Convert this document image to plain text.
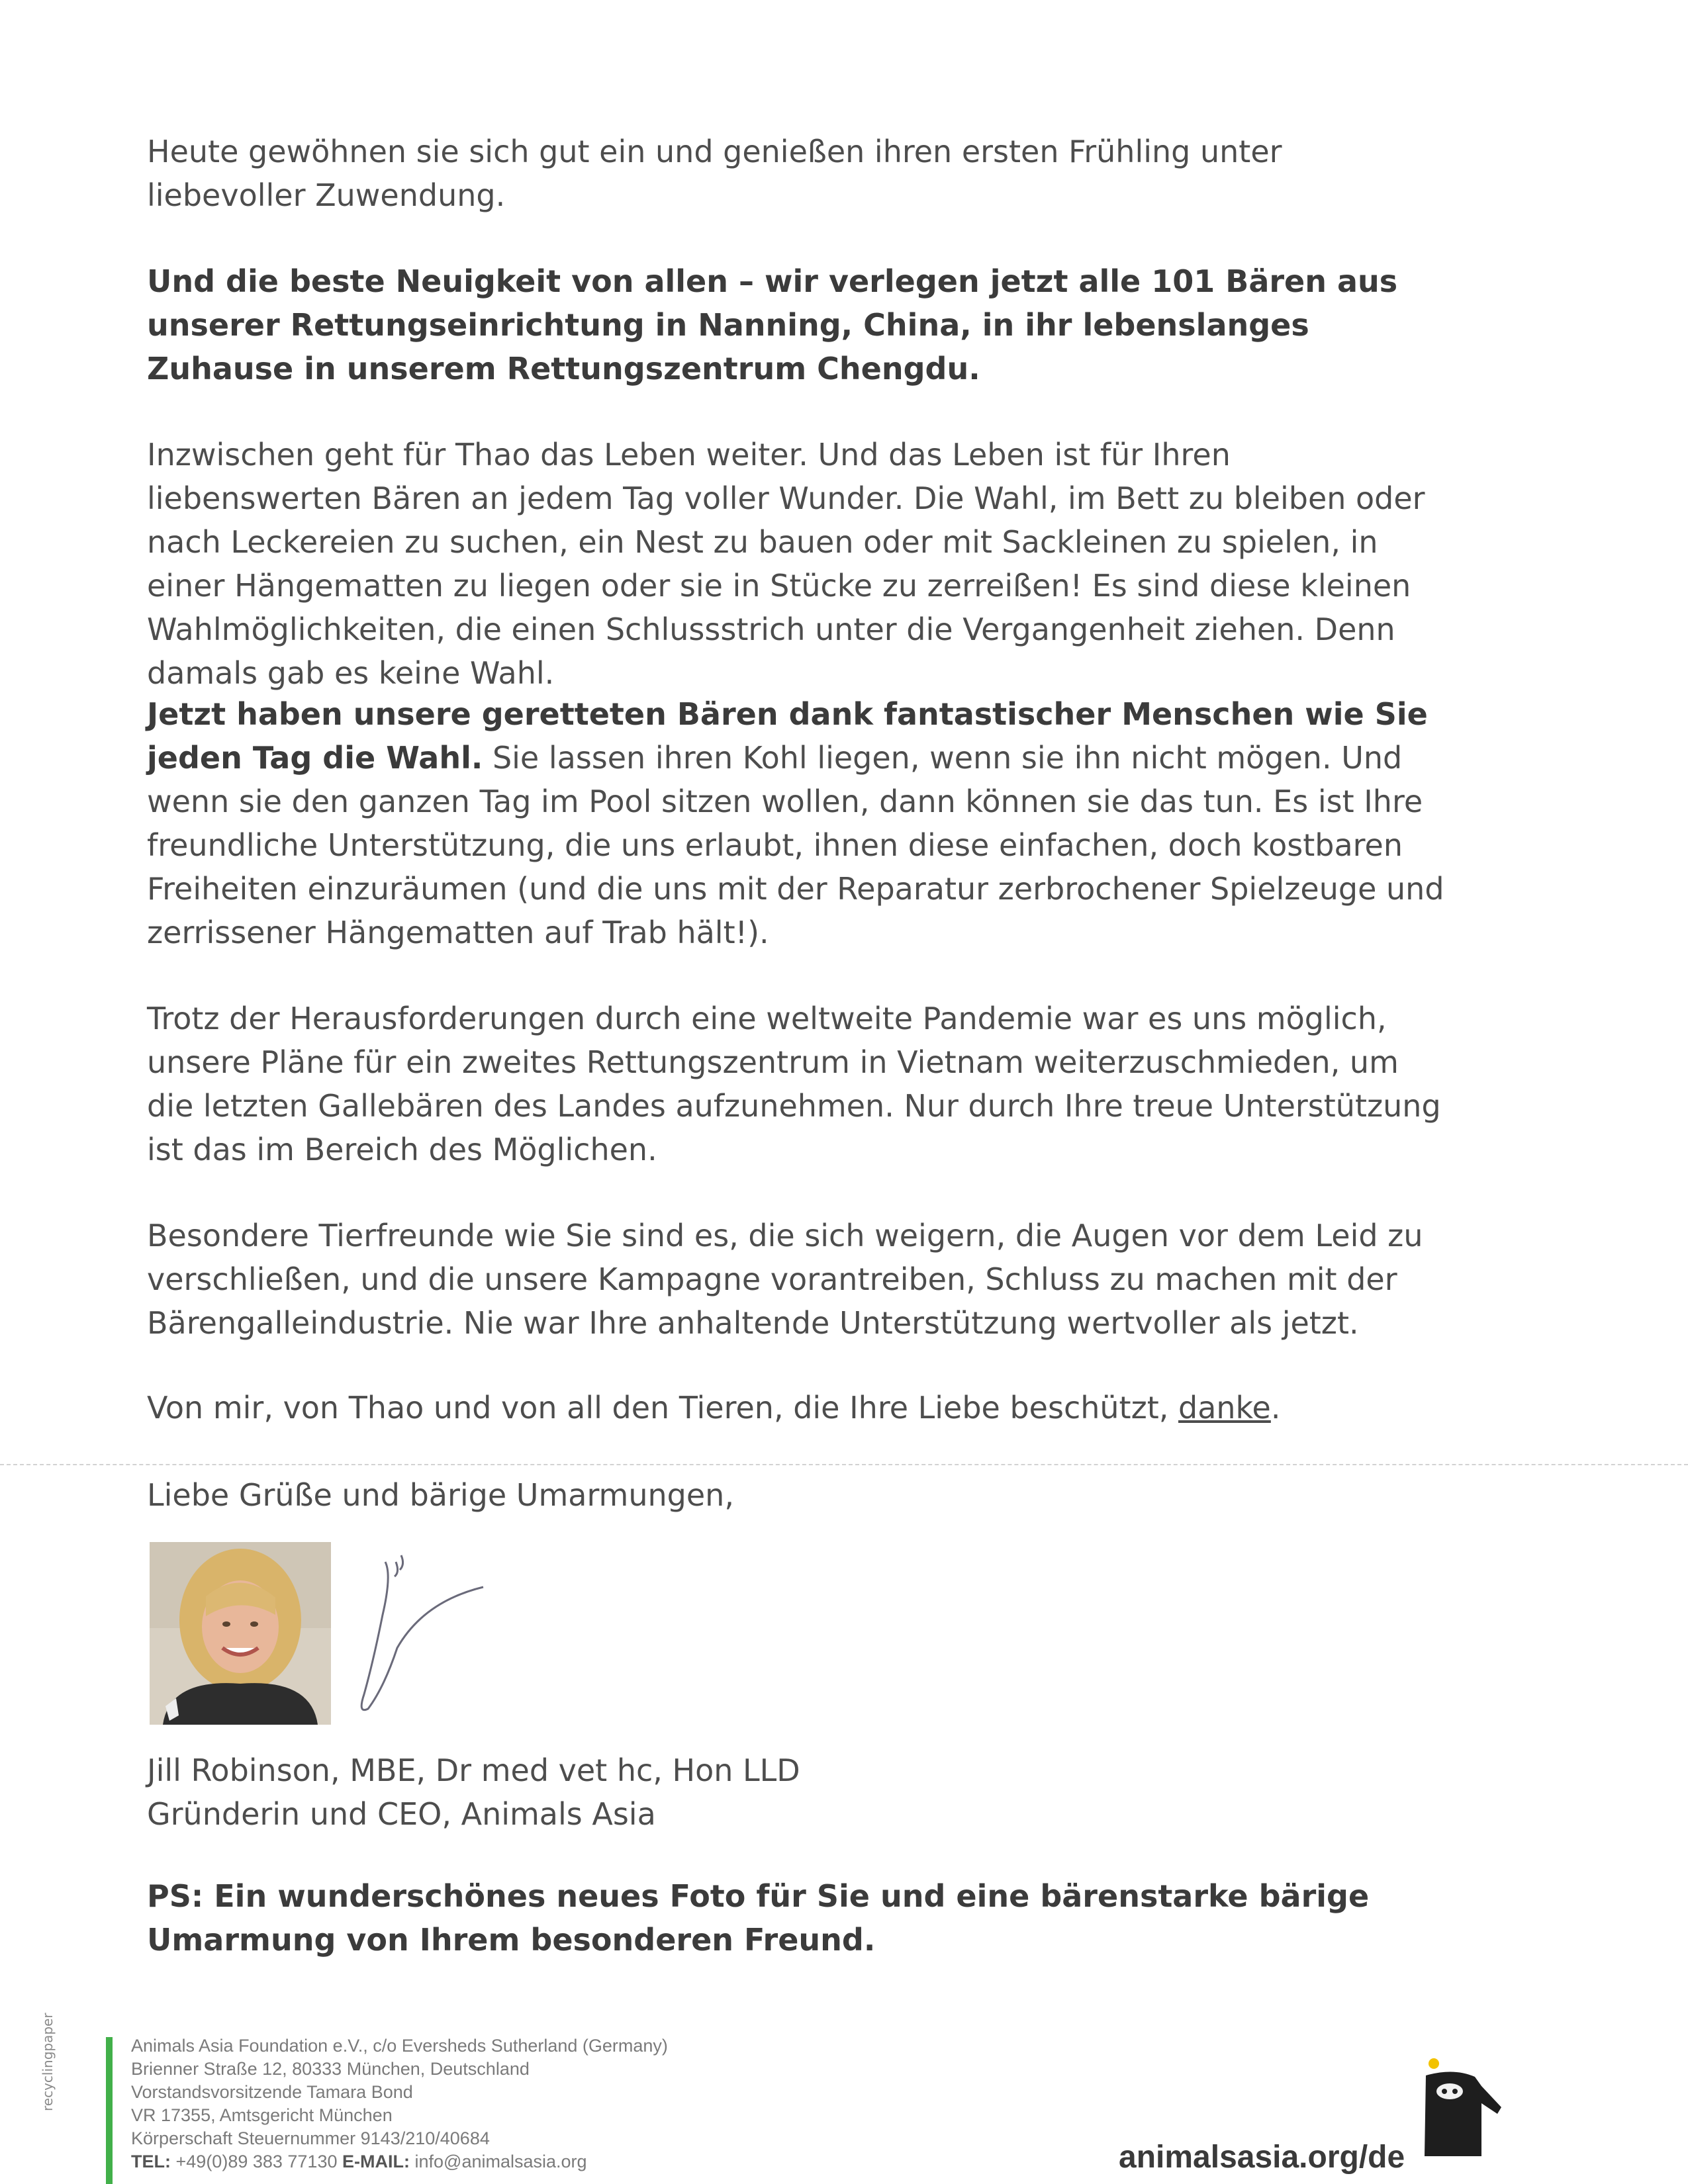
Heute gewöhnen sie sich gut ein und genießen ihren ersten Frühling unter liebevoller Zuwendung.

Und die beste Neuigkeit von allen – wir verlegen jetzt alle 101 Bären aus unserer Rettungseinrichtung in Nanning, China, in ihr lebenslanges Zuhause in unserem Rettungszentrum Chengdu.

Inzwischen geht für Thao das Leben weiter. Und das Leben ist für Ihren liebenswerten Bären an jedem Tag voller Wunder. Die Wahl, im Bett zu bleiben oder nach Leckereien zu suchen, ein Nest zu bauen oder mit Sackleinen zu spielen, in einer Hängematten zu liegen oder sie in Stücke zu zerreißen! Es sind diese kleinen Wahlmöglichkeiten, die einen Schlussstrich unter die Vergangenheit ziehen. Denn damals gab es keine Wahl.

Jetzt haben unsere geretteten Bären dank fantastischer Menschen wie Sie jeden Tag die Wahl. Sie lassen ihren Kohl liegen, wenn sie ihn nicht mögen. Und wenn sie den ganzen Tag im Pool sitzen wollen, dann können sie das tun. Es ist Ihre freundliche Unterstützung, die uns erlaubt, ihnen diese einfachen, doch kostbaren Freiheiten einzuräumen (und die uns mit der Reparatur zerbrochener Spielzeuge und zerrissener Hängematten auf Trab hält!).

Trotz der Herausforderungen durch eine weltweite Pandemie war es uns möglich, unsere Pläne für ein zweites Rettungszentrum in Vietnam weiterzuschmieden, um die letzten Gallebären des Landes aufzunehmen. Nur durch Ihre treue Unterstützung ist das im Bereich des Möglichen.

Besondere Tierfreunde wie Sie sind es, die sich weigern, die Augen vor dem Leid zu verschließen, und die unsere Kampagne vorantreiben, Schluss zu machen mit der Bärengalleindustrie. Nie war Ihre anhaltende Unterstützung wertvoller als jetzt.

Von mir, von Thao und von all den Tieren, die Ihre Liebe beschützt, danke.

Liebe Grüße und bärige Umarmungen,

Jill Robinson, MBE, Dr med vet hc, Hon LLD
Gründerin und CEO, Animals Asia
PS: Ein wunderschönes neues Foto für Sie und eine bärenstarke bärige Umarmung von Ihrem besonderen Freund.
recyclingpaper	Animals Asia Foundation e.V., c/o Eversheds Sutherland (Germany)
Brienner Straße 12, 80333 München, Deutschland
Vorstandsvorsitzende Tamara Bond
VR 17355, Amtsgericht München
Körperschaft Steuernummer 9143/210/40684
TEL: +49(0)89 383 77130 E-MAIL: info@animalsasia.org	animalsasia.org/de
